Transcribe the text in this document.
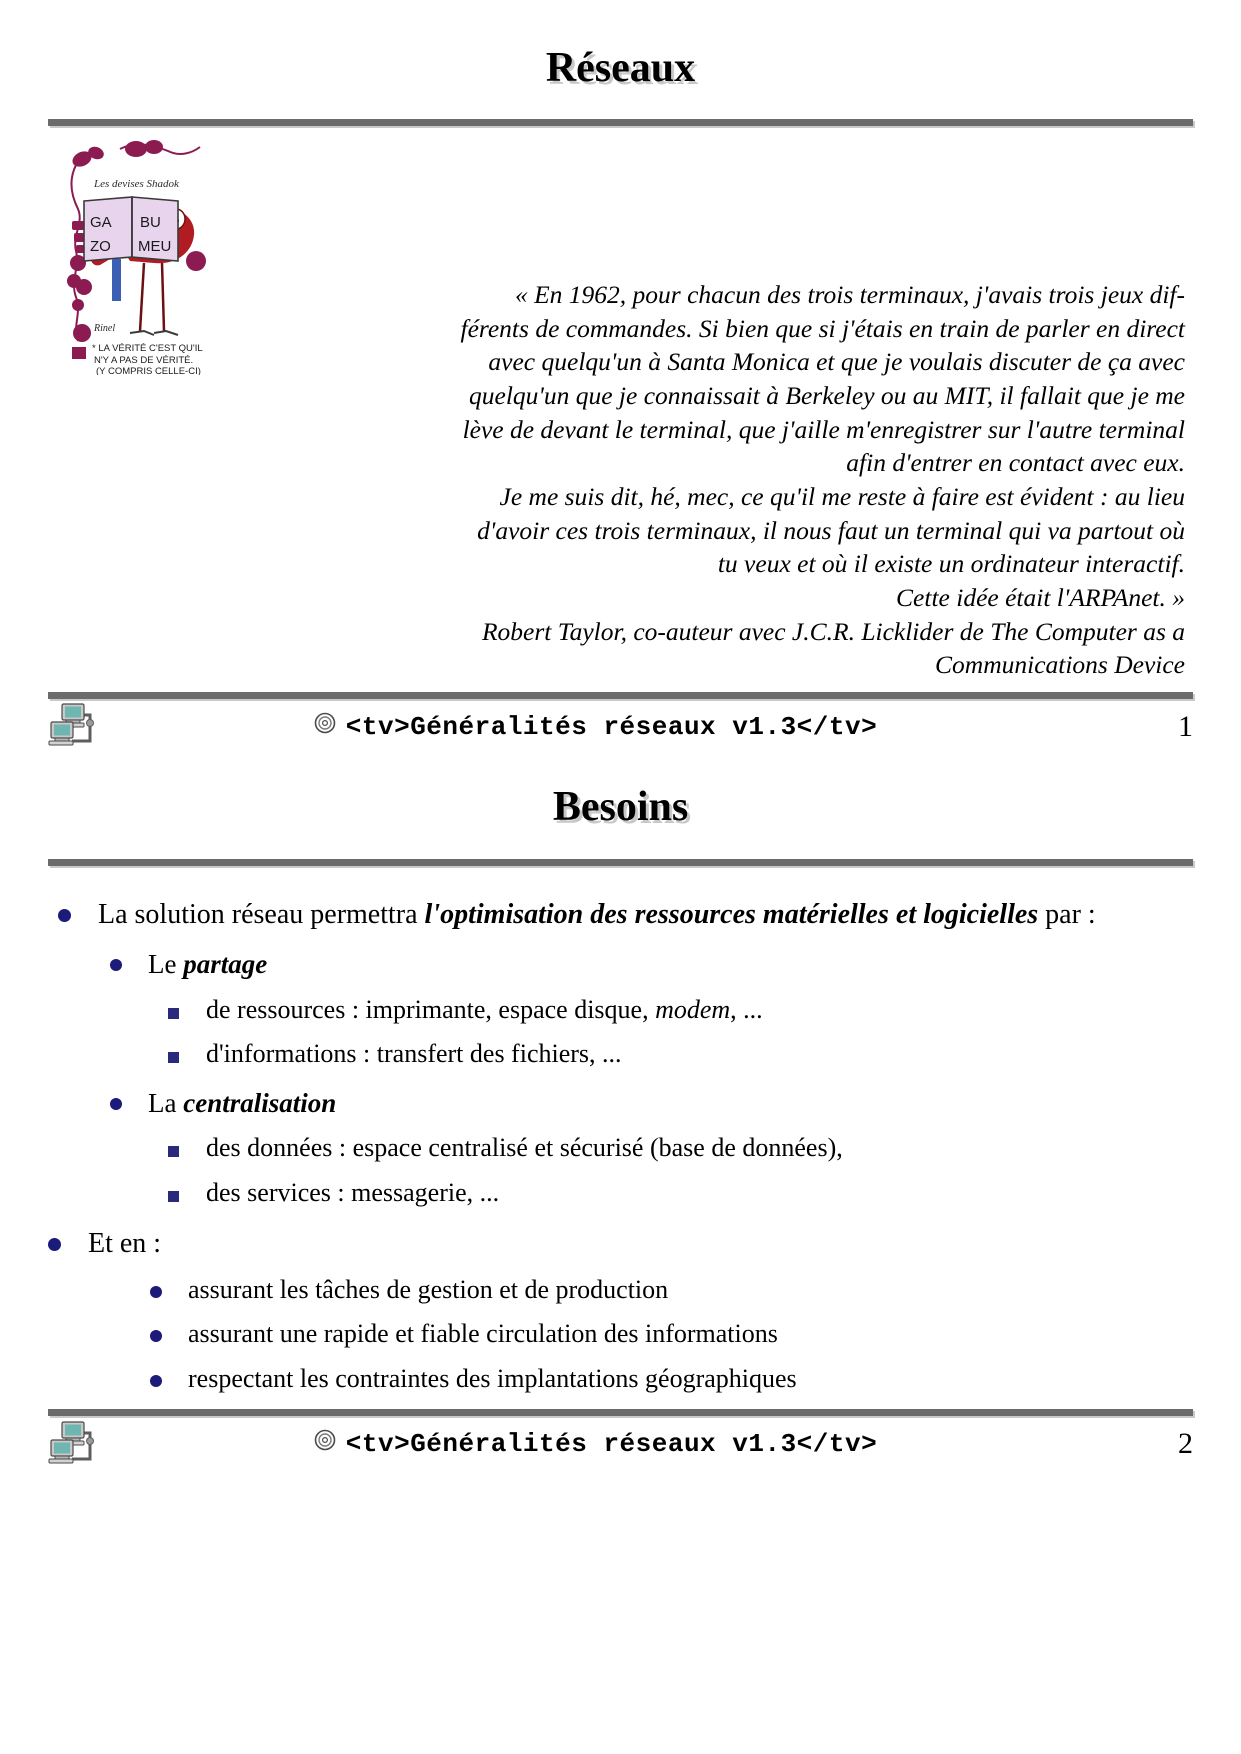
Réseaux
Les devises Shadok
GA BU
ZO MEU
Rinel
* LA VÉRITÉ C'EST QU'IL
N'Y A PAS DE VÉRITÉ.
(Y COMPRIS CELLE-CI)
« En 1962, pour chacun des trois terminaux, j'avais trois jeux dif-
férents de commandes. Si bien que si j'étais en train de parler en direct
avec quelqu'un à Santa Monica et que je voulais discuter de ça avec
quelqu'un que je connaissait à Berkeley ou au MIT, il fallait que je me
lève de devant le terminal, que j'aille m'enregistrer sur l'autre terminal
afin d'entrer en contact avec eux.
Je me suis dit, hé, mec, ce qu'il me reste à faire est évident : au lieu
d'avoir ces trois terminaux, il nous faut un terminal qui va partout où
tu veux et où il existe un ordinateur interactif.
Cette idée était l'ARPAnet. »
Robert Taylor, co-auteur avec J.C.R. Licklider de The Computer as a
Communications Device
<tv>Généralités réseaux v1.3</tv>	1
Besoins
La solution réseau permettra l'optimisation des ressources matérielles et logicielles par :
Le partage
de ressources : imprimante, espace disque, modem, ...
d'informations : transfert des fichiers, ...
La centralisation
des données : espace centralisé et sécurisé (base de données),
des services : messagerie, ...
Et en :
assurant les tâches de gestion et de production
assurant une rapide et fiable circulation des informations
respectant les contraintes des implantations géographiques
<tv>Généralités réseaux v1.3</tv>	2
